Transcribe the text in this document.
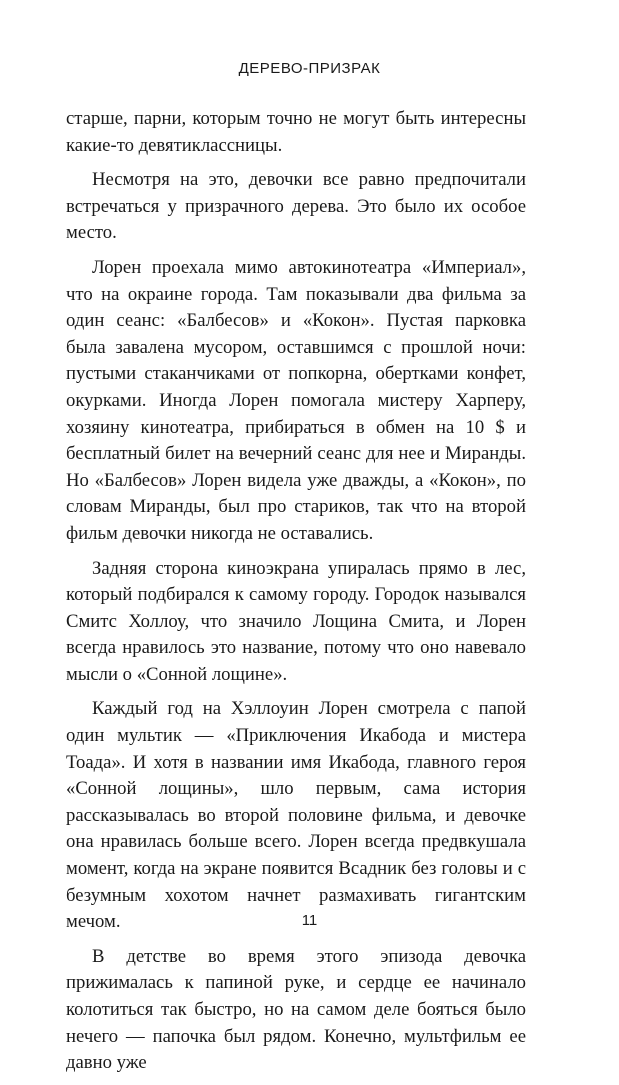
ДЕРЕВО-ПРИЗРАК

старше, парни, которым точно не могут быть интересны какие-то девятиклассницы.

Несмотря на это, девочки все равно предпочитали встречаться у призрачного дерева. Это было их особое место.

Лорен проехала мимо автокинотеатра «Империал», что на окраине города. Там показывали два фильма за один сеанс: «Балбесов» и «Кокон». Пустая парковка была завалена мусором, оставшимся с прошлой ночи: пустыми стаканчиками от попкорна, обертками конфет, окурками. Иногда Лорен помогала мистеру Харперу, хозяину кинотеатра, прибираться в обмен на 10 $ и бесплатный билет на вечерний сеанс для нее и Миранды. Но «Балбесов» Лорен видела уже дважды, а «Кокон», по словам Миранды, был про стариков, так что на второй фильм девочки никогда не оставались.

Задняя сторона киноэкрана упиралась прямо в лес, который подбирался к самому городу. Городок назывался Смитс Холлоу, что значило Лощина Смита, и Лорен всегда нравилось это название, потому что оно навевало мысли о «Сонной лощине».

Каждый год на Хэллоуин Лорен смотрела с папой один мультик — «Приключения Икабода и мистера Тоада». И хотя в названии имя Икабода, главного героя «Сонной лощины», шло первым, сама история рассказывалась во второй половине фильма, и девочке она нравилась больше всего. Лорен всегда предвкушала момент, когда на экране появится Всадник без головы и с безумным хохотом начнет размахивать гигантским мечом.

В детстве во время этого эпизода девочка прижималась к папиной руке, и сердце ее начинало колотиться так быстро, но на самом деле бояться было нечего — папочка был рядом. Конечно, мультфильм ее давно уже

11
